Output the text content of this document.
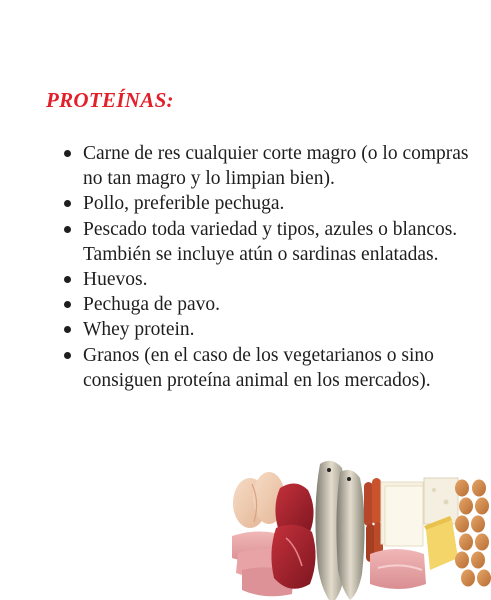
PROTEÍNAS:
Carne de res cualquier corte magro (o lo compras no tan magro y lo limpian bien).
Pollo, preferible pechuga.
Pescado toda variedad y tipos, azules o blancos. También se incluye atún o sardinas enlatadas.
Huevos.
Pechuga de pavo.
Whey protein.
Granos (en el caso de los vegetarianos o sino consiguen proteína animal en los mercados).
